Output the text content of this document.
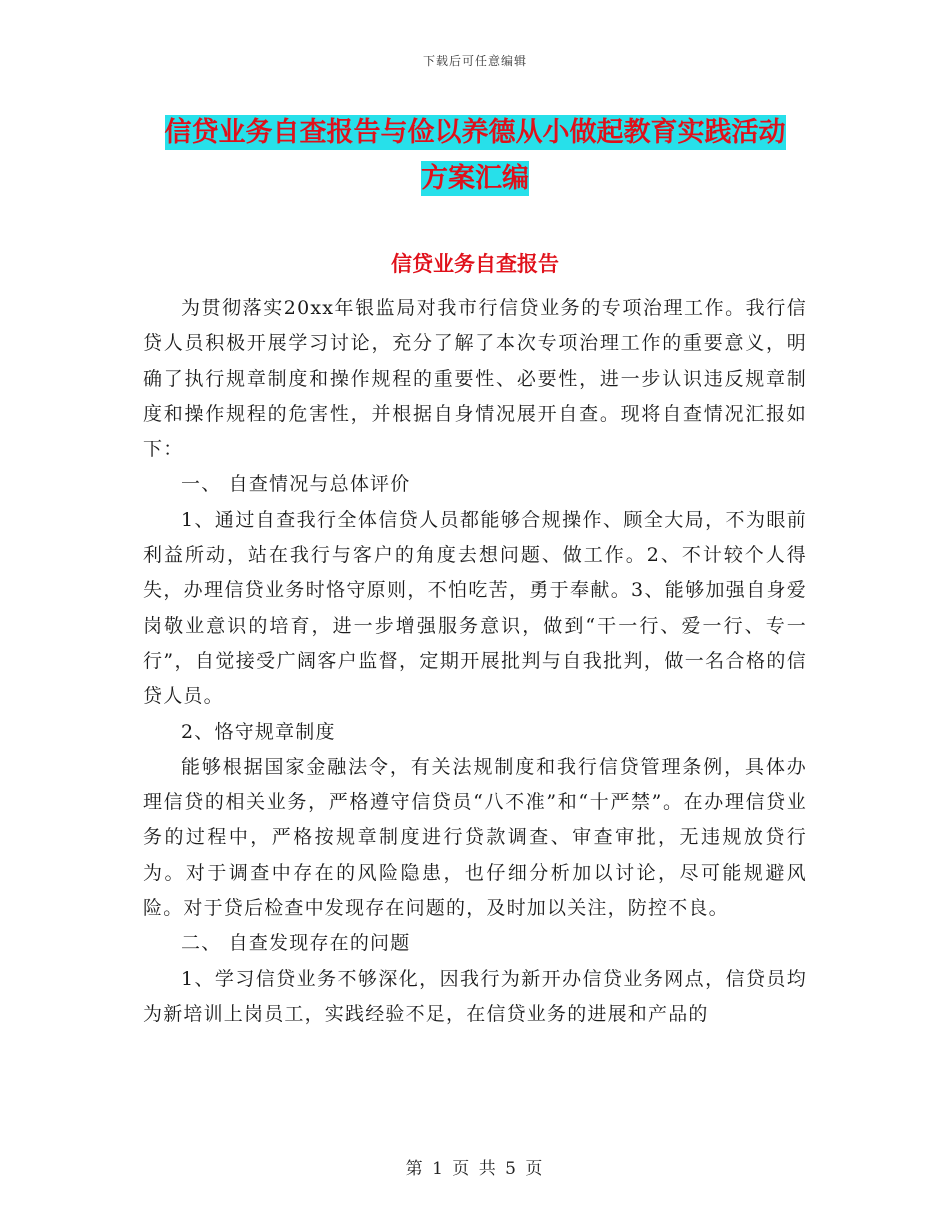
下载后可任意编辑
信贷业务自查报告与俭以养德从小做起教育实践活动
方案汇编
信贷业务自查报告

为贯彻落实20xx年银监局对我市行信贷业务的专项治理工作。我行信贷人员积极开展学习讨论，充分了解了本次专项治理工作的重要意义，明确了执行规章制度和操作规程的重要性、必要性，进一步认识违反规章制度和操作规程的危害性，并根据自身情况展开自查。现将自查情况汇报如下：

一、 自查情况与总体评价

1、通过自查我行全体信贷人员都能够合规操作、顾全大局，不为眼前利益所动，站在我行与客户的角度去想问题、做工作。2、不计较个人得失，办理信贷业务时恪守原则，不怕吃苦，勇于奉献。3、能够加强自身爱岗敬业意识的培育，进一步增强服务意识，做到“干一行、爱一行、专一行”，自觉接受广阔客户监督，定期开展批判与自我批判，做一名合格的信贷人员。

2、恪守规章制度

能够根据国家金融法令，有关法规制度和我行信贷管理条例，具体办理信贷的相关业务，严格遵守信贷员“八不准”和“十严禁”。在办理信贷业务的过程中，严格按规章制度进行贷款调查、审查审批，无违规放贷行为。对于调查中存在的风险隐患，也仔细分析加以讨论，尽可能规避风险。对于贷后检查中发现存在问题的，及时加以关注，防控不良。

二、 自查发现存在的问题

1、学习信贷业务不够深化，因我行为新开办信贷业务网点，信贷员均为新培训上岗员工，实践经验不足，在信贷业务的进展和产品的

第 1 页 共 5 页
